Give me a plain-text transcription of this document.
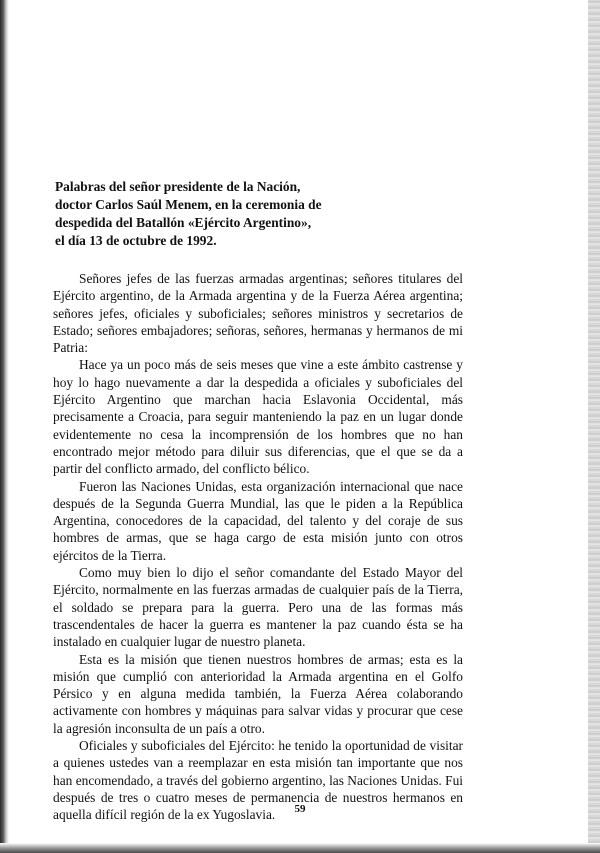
Palabras del señor presidente de la Nación,
doctor Carlos Saúl Menem, en la ceremonia de
despedida del Batallón «Ejército Argentino»,
el día 13 de octubre de 1992.

Señores jefes de las fuerzas armadas argentinas; señores titulares del Ejército argentino, de la Armada argentina y de la Fuerza Aérea argentina; señores jefes, oficiales y suboficiales; señores ministros y secretarios de Estado; señores embajadores; señoras, señores, hermanas y hermanos de mi Patria:

Hace ya un poco más de seis meses que vine a este ámbito castrense y hoy lo hago nuevamente a dar la despedida a oficiales y suboficiales del Ejército Argentino que marchan hacia Eslavonia Occidental, más precisamente a Croacia, para seguir manteniendo la paz en un lugar donde evidentemente no cesa la incomprensión de los hombres que no han encontrado mejor método para diluir sus diferencias, que el que se da a partir del conflicto armado, del conflicto bélico.

Fueron las Naciones Unidas, esta organización internacional que nace después de la Segunda Guerra Mundial, las que le piden a la República Argentina, conocedores de la capacidad, del talento y del coraje de sus hombres de armas, que se haga cargo de esta misión junto con otros ejércitos de la Tierra.

Como muy bien lo dijo el señor comandante del Estado Mayor del Ejército, normalmente en las fuerzas armadas de cualquier país de la Tierra, el soldado se prepara para la guerra. Pero una de las formas más trascendentales de hacer la guerra es mantener la paz cuando ésta se ha instalado en cualquier lugar de nuestro planeta.

Esta es la misión que tienen nuestros hombres de armas; esta es la misión que cumplió con anterioridad la Armada argentina en el Golfo Pérsico y en alguna medida también, la Fuerza Aérea colaborando activamente con hombres y máquinas para salvar vidas y procurar que cese la agresión inconsulta de un país a otro.

Oficiales y suboficiales del Ejército: he tenido la oportunidad de visitar a quienes ustedes van a reemplazar en esta misión tan importante que nos han encomendado, a través del gobierno argentino, las Naciones Unidas. Fui después de tres o cuatro meses de permanencia de nuestros hermanos en aquella difícil región de la ex Yugoslavia.	59
